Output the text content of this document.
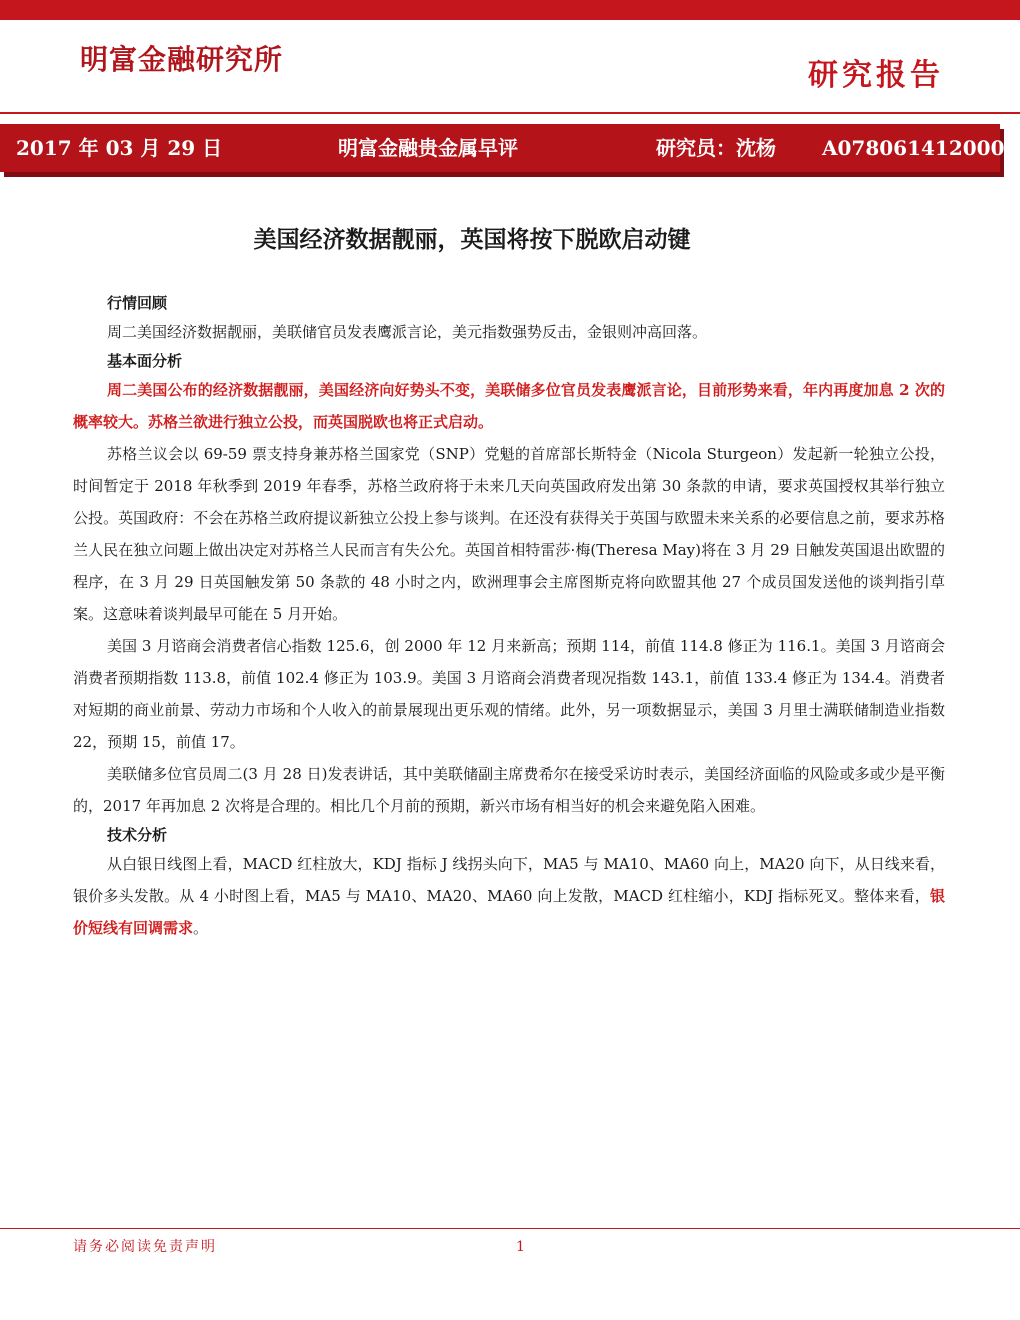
明富金融研究所	研究报告
2017 年 03 月 29 日	明富金融贵金属早评	研究员：沈杨 A0780614120003
美国经济数据靓丽，英国将按下脱欧启动键
行情回顾

周二美国经济数据靓丽，美联储官员发表鹰派言论，美元指数强势反击，金银则冲高回落。

基本面分析

周二美国公布的经济数据靓丽，美国经济向好势头不变，美联储多位官员发表鹰派言论，目前形势来看，年内再度加息 2 次的概率较大。苏格兰欲进行独立公投，而英国脱欧也将正式启动。

苏格兰议会以 69-59 票支持身兼苏格兰国家党（SNP）党魁的首席部长斯特金（Nicola Sturgeon）发起新一轮独立公投，时间暂定于 2018 年秋季到 2019 年春季，苏格兰政府将于未来几天向英国政府发出第 30 条款的申请，要求英国授权其举行独立公投。英国政府：不会在苏格兰政府提议新独立公投上参与谈判。在还没有获得关于英国与欧盟未来关系的必要信息之前，要求苏格兰人民在独立问题上做出决定对苏格兰人民而言有失公允。英国首相特雷莎·梅(Theresa May)将在 3 月 29 日触发英国退出欧盟的程序，在 3 月 29 日英国触发第 50 条款的 48 小时之内，欧洲理事会主席图斯克将向欧盟其他 27 个成员国发送他的谈判指引草案。这意味着谈判最早可能在 5 月开始。

美国 3 月谘商会消费者信心指数 125.6，创 2000 年 12 月来新高；预期 114，前值 114.8 修正为 116.1。美国 3 月谘商会消费者预期指数 113.8，前值 102.4 修正为 103.9。美国 3 月谘商会消费者现况指数 143.1，前值 133.4 修正为 134.4。消费者对短期的商业前景、劳动力市场和个人收入的前景展现出更乐观的情绪。此外，另一项数据显示，美国 3 月里士满联储制造业指数 22，预期 15，前值 17。

美联储多位官员周二(3 月 28 日)发表讲话，其中美联储副主席费希尔在接受采访时表示，美国经济面临的风险或多或少是平衡的，2017 年再加息 2 次将是合理的。相比几个月前的预期，新兴市场有相当好的机会来避免陷入困难。

技术分析

从白银日线图上看，MACD 红柱放大，KDJ 指标 J 线拐头向下，MA5 与 MA10、MA60 向上，MA20 向下，从日线来看，银价多头发散。从 4 小时图上看，MA5 与 MA10、MA20、MA60 向上发散，MACD 红柱缩小，KDJ 指标死叉。整体来看，银价短线有回调需求。

请务必阅读免责声明	1
